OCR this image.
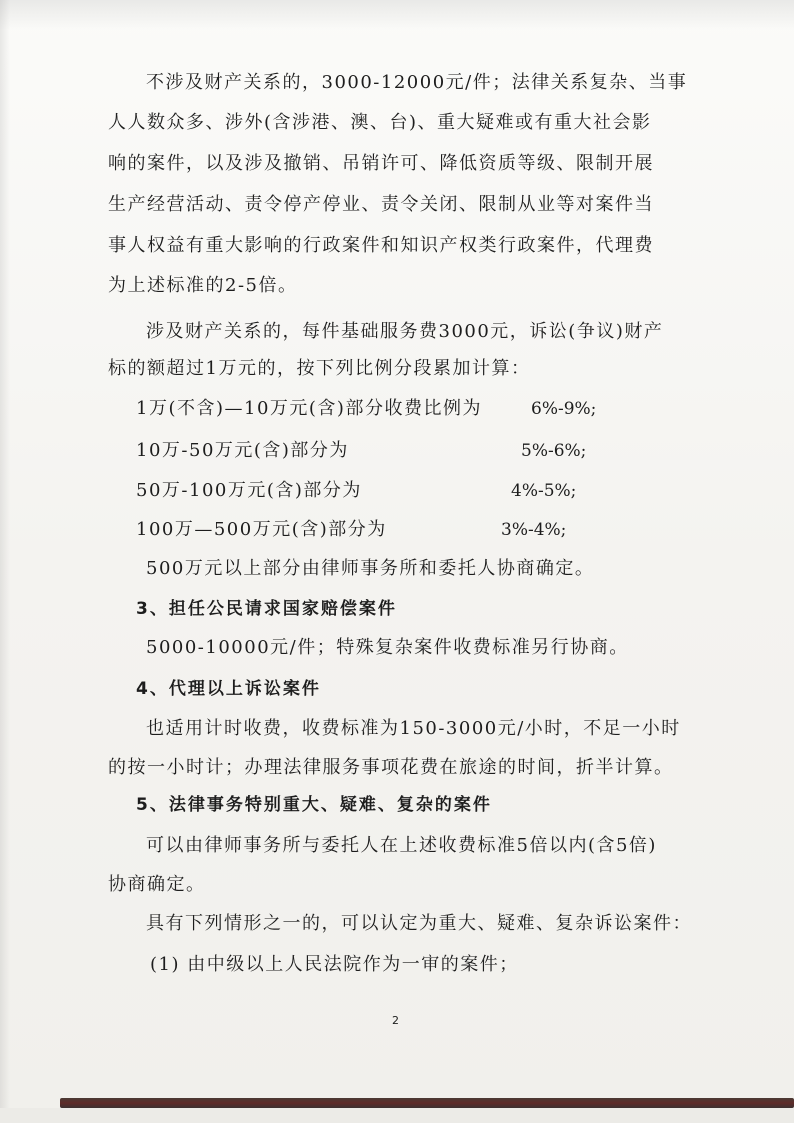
不涉及财产关系的，3000-12000元/件；法律关系复杂、当事
人人数众多、涉外(含涉港、澳、台)、重大疑难或有重大社会影
响的案件，以及涉及撤销、吊销许可、降低资质等级、限制开展
生产经营活动、责令停产停业、责令关闭、限制从业等对案件当
事人权益有重大影响的行政案件和知识产权类行政案件，代理费
为上述标准的2-5倍。
涉及财产关系的，每件基础服务费3000元，诉讼(争议)财产
标的额超过1万元的，按下列比例分段累加计算：
1万(不含)—10万元(含)部分收费比例为	6%-9%;
10万-50万元(含)部分为	5%-6%;
50万-100万元(含)部分为	4%-5%;
100万—500万元(含)部分为	3%-4%;
500万元以上部分由律师事务所和委托人协商确定。
3、担任公民请求国家赔偿案件
5000-10000元/件；特殊复杂案件收费标准另行协商。
4、代理以上诉讼案件
也适用计时收费，收费标准为150-3000元/小时，不足一小时
的按一小时计；办理法律服务事项花费在旅途的时间，折半计算。
5、法律事务特别重大、疑难、复杂的案件
可以由律师事务所与委托人在上述收费标准5倍以内(含5倍)
协商确定。
具有下列情形之一的，可以认定为重大、疑难、复杂诉讼案件：
(1) 由中级以上人民法院作为一审的案件；
2
